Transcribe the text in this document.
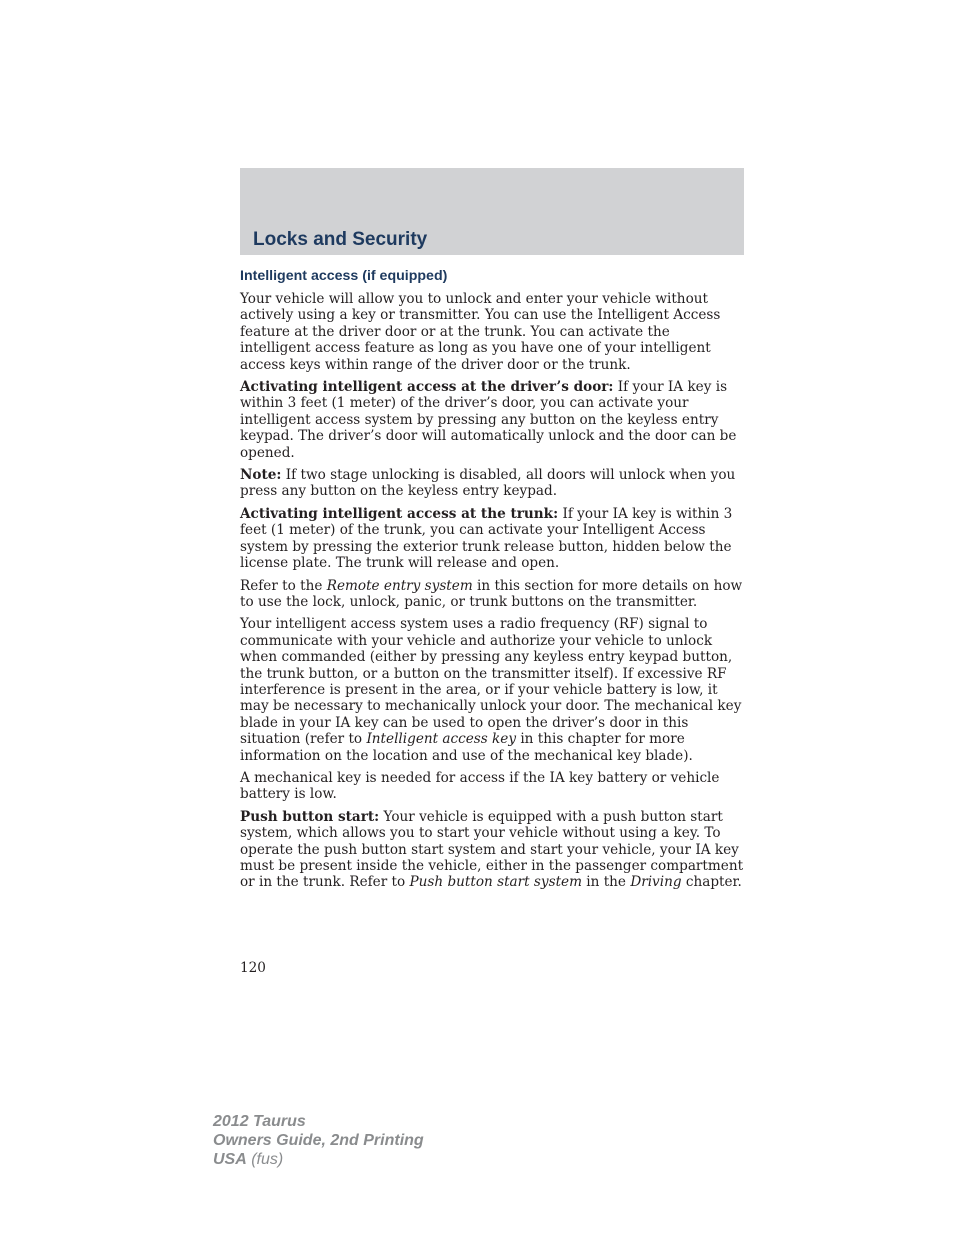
Locks and Security
Intelligent access (if equipped)

Your vehicle will allow you to unlock and enter your vehicle without actively using a key or transmitter. You can use the Intelligent Access feature at the driver door or at the trunk. You can activate the intelligent access feature as long as you have one of your intelligent access keys within range of the driver door or the trunk.

Activating intelligent access at the driver’s door: If your IA key is within 3 feet (1 meter) of the driver’s door, you can activate your intelligent access system by pressing any button on the keyless entry keypad. The driver’s door will automatically unlock and the door can be opened.

Note: If two stage unlocking is disabled, all doors will unlock when you press any button on the keyless entry keypad.

Activating intelligent access at the trunk: If your IA key is within 3 feet (1 meter) of the trunk, you can activate your Intelligent Access system by pressing the exterior trunk release button, hidden below the license plate. The trunk will release and open.

Refer to the Remote entry system in this section for more details on how to use the lock, unlock, panic, or trunk buttons on the transmitter.

Your intelligent access system uses a radio frequency (RF) signal to communicate with your vehicle and authorize your vehicle to unlock when commanded (either by pressing any keyless entry keypad button, the trunk button, or a button on the transmitter itself). If excessive RF interference is present in the area, or if your vehicle battery is low, it may be necessary to mechanically unlock your door. The mechanical key blade in your IA key can be used to open the driver’s door in this situation (refer to Intelligent access key in this chapter for more information on the location and use of the mechanical key blade).

A mechanical key is needed for access if the IA key battery or vehicle battery is low.

Push button start: Your vehicle is equipped with a push button start system, which allows you to start your vehicle without using a key. To operate the push button start system and start your vehicle, your IA key must be present inside the vehicle, either in the passenger compartment or in the trunk. Refer to Push button start system in the Driving chapter.

120
2012 Taurus
Owners Guide, 2nd Printing
USA (fus)
